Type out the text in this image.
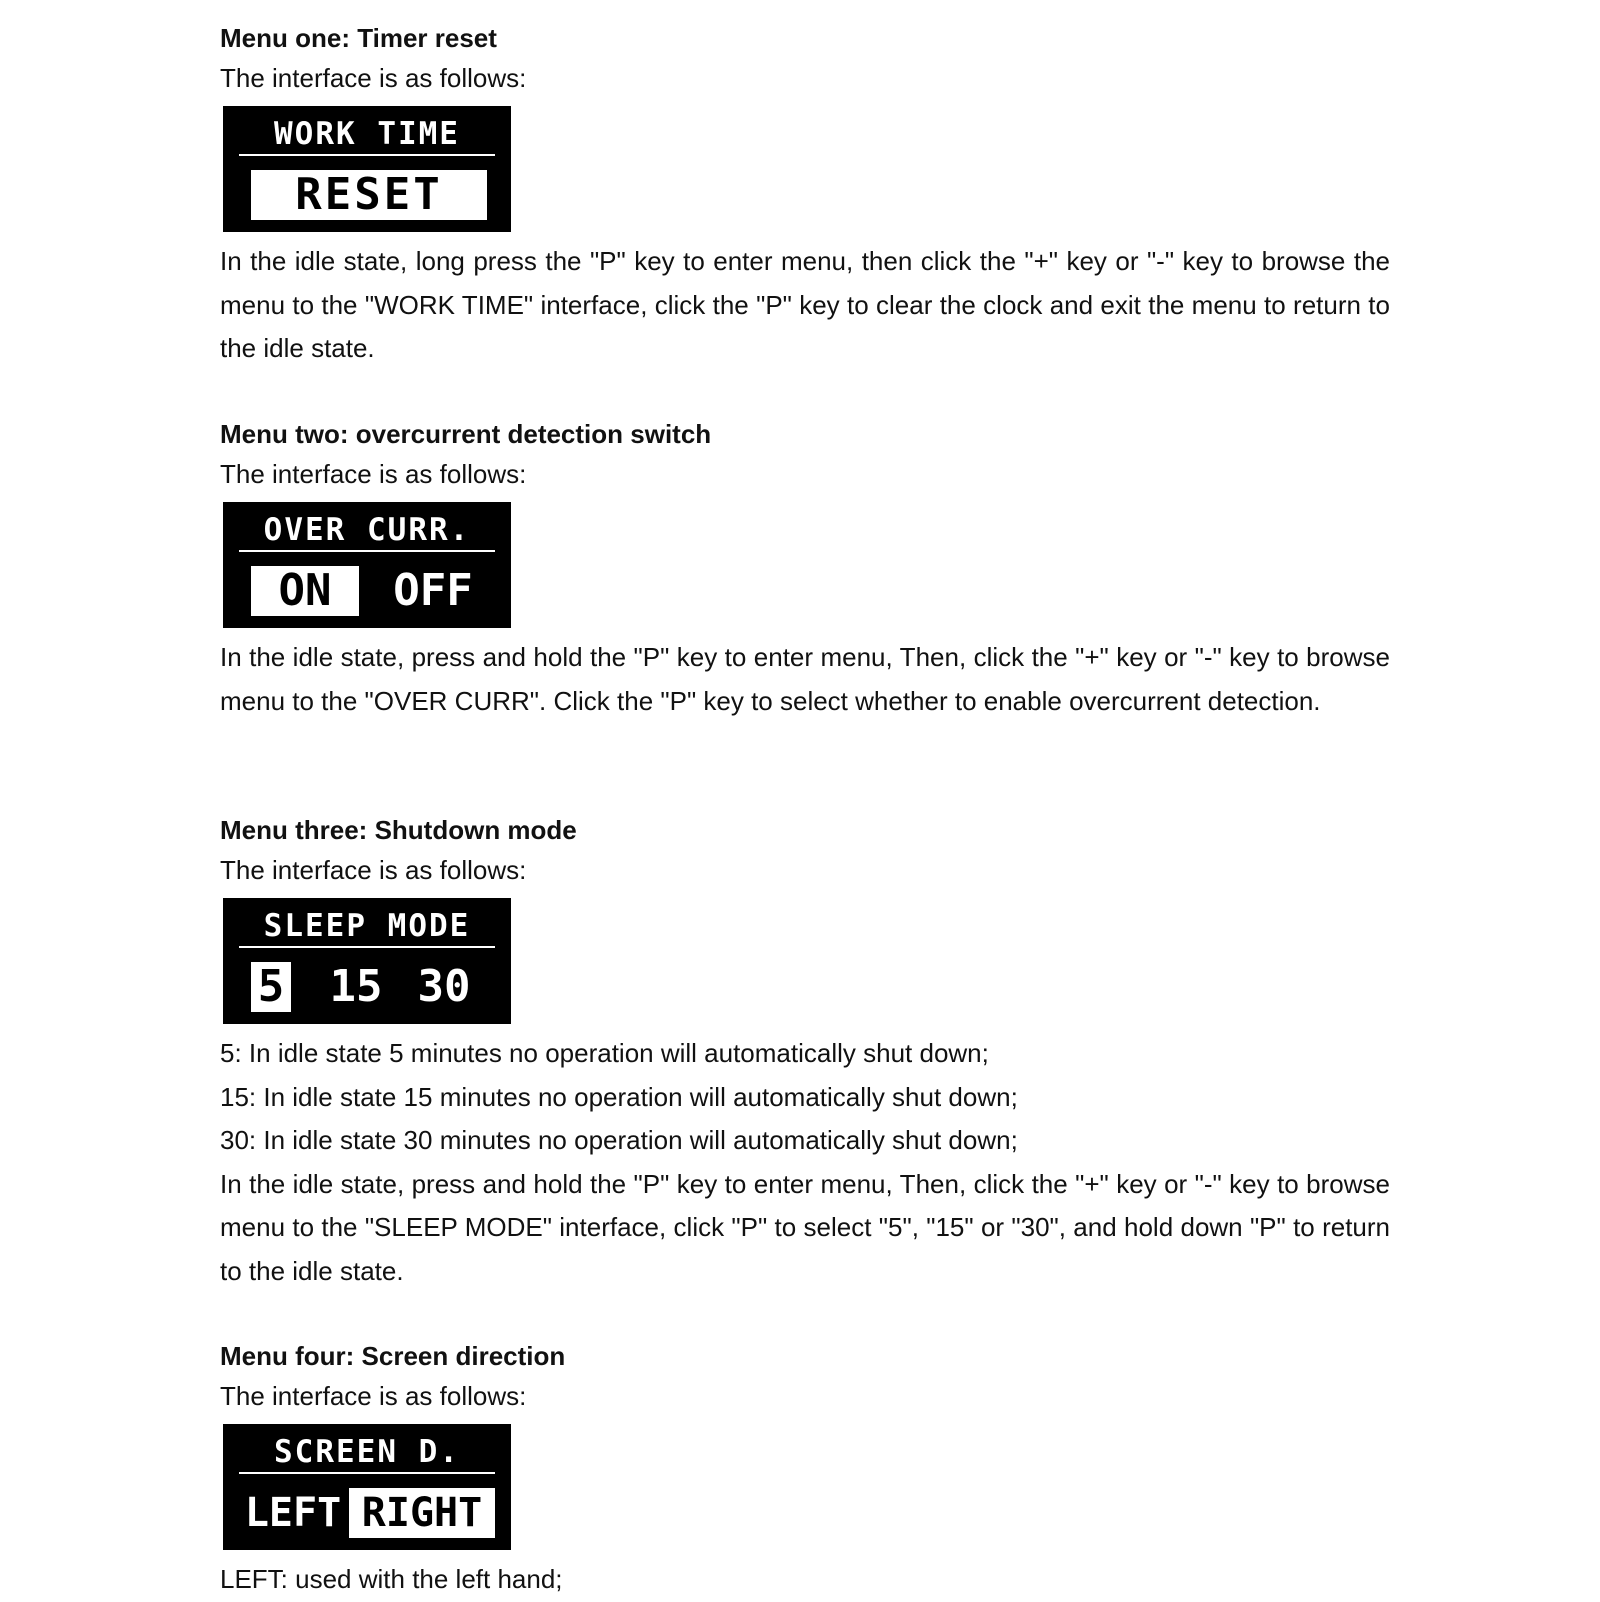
Menu one: Timer reset

The interface is as follows:

WORK TIME
RESET

In the idle state, long press the "P" key to enter menu, then click the "+" key or "-" key to browse the menu to the "WORK TIME" interface, click the "P" key to clear the clock and exit the menu to return to the idle state.

Menu two: overcurrent detection switch

The interface is as follows:

OVER CURR.
ON	OFF

In the idle state, press and hold the "P" key to enter menu, Then, click the "+" key or "-" key to browse menu to the "OVER CURR". Click the "P" key to select whether to enable overcurrent detection.

Menu three: Shutdown mode

The interface is as follows:

SLEEP MODE
5 15 30

5: In idle state 5 minutes no operation will automatically shut down;

15: In idle state 15 minutes no operation will automatically shut down;

30: In idle state 30 minutes no operation will automatically shut down;

In the idle state, press and hold the "P" key to enter menu, Then, click the "+" key or "-" key to browse menu to the "SLEEP MODE" interface, click "P" to select "5", "15" or "30", and hold down "P" to return to the idle state.

Menu four: Screen direction

The interface is as follows:

SCREEN D.
LEFT RIGHT

LEFT: used with the left hand;
